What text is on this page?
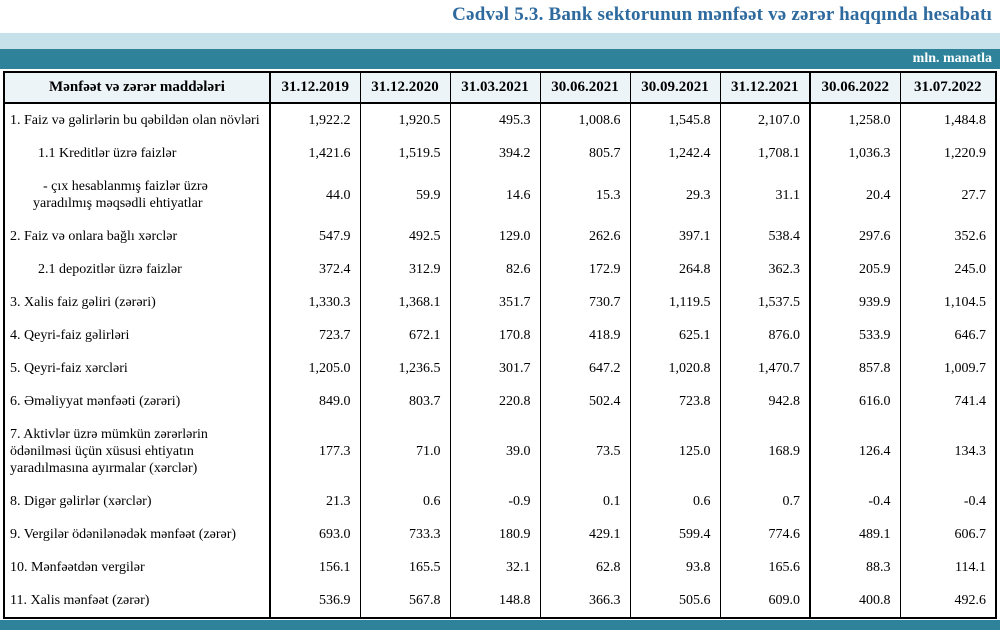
Cədvəl 5.3. Bank sektorunun mənfəət və zərər haqqında hesabatı
mln. manatla
Mənfəət və zərər maddələri	31.12.2019	31.12.2020	31.03.2021	30.06.2021	30.09.2021	31.12.2021	30.06.2022	31.07.2022
1. Faiz və gəlirlərin bu qəbildən olan növləri	1,922.2	1,920.5	495.3	1,008.6	1,545.8	2,107.0	1,258.0	1,484.8
1.1 Kreditlər üzrə faizlər	1,421.6	1,519.5	394.2	805.7	1,242.4	1,708.1	1,036.3	1,220.9
- çıx hesablanmış faizlər üzrə yaradılmış məqsədli ehtiyatlar	44.0	59.9	14.6	15.3	29.3	31.1	20.4	27.7
2. Faiz və onlara bağlı xərclər	547.9	492.5	129.0	262.6	397.1	538.4	297.6	352.6
2.1 depozitlər üzrə faizlər	372.4	312.9	82.6	172.9	264.8	362.3	205.9	245.0
3. Xalis faiz gəliri (zərəri)	1,330.3	1,368.1	351.7	730.7	1,119.5	1,537.5	939.9	1,104.5
4. Qeyri-faiz gəlirləri	723.7	672.1	170.8	418.9	625.1	876.0	533.9	646.7
5. Qeyri-faiz xərcləri	1,205.0	1,236.5	301.7	647.2	1,020.8	1,470.7	857.8	1,009.7
6. Əməliyyat mənfəəti (zərəri)	849.0	803.7	220.8	502.4	723.8	942.8	616.0	741.4
7. Aktivlər üzrə mümkün zərərlərin ödənilməsi üçün xüsusi ehtiyatın yaradılmasına ayırmalar (xərclər)	177.3	71.0	39.0	73.5	125.0	168.9	126.4	134.3
8. Digər gəlirlər (xərclər)	21.3	0.6	-0.9	0.1	0.6	0.7	-0.4	-0.4
9. Vergilər ödənilənədək mənfəət (zərər)	693.0	733.3	180.9	429.1	599.4	774.6	489.1	606.7
10. Mənfəətdən vergilər	156.1	165.5	32.1	62.8	93.8	165.6	88.3	114.1
11. Xalis mənfəət (zərər)	536.9	567.8	148.8	366.3	505.6	609.0	400.8	492.6
